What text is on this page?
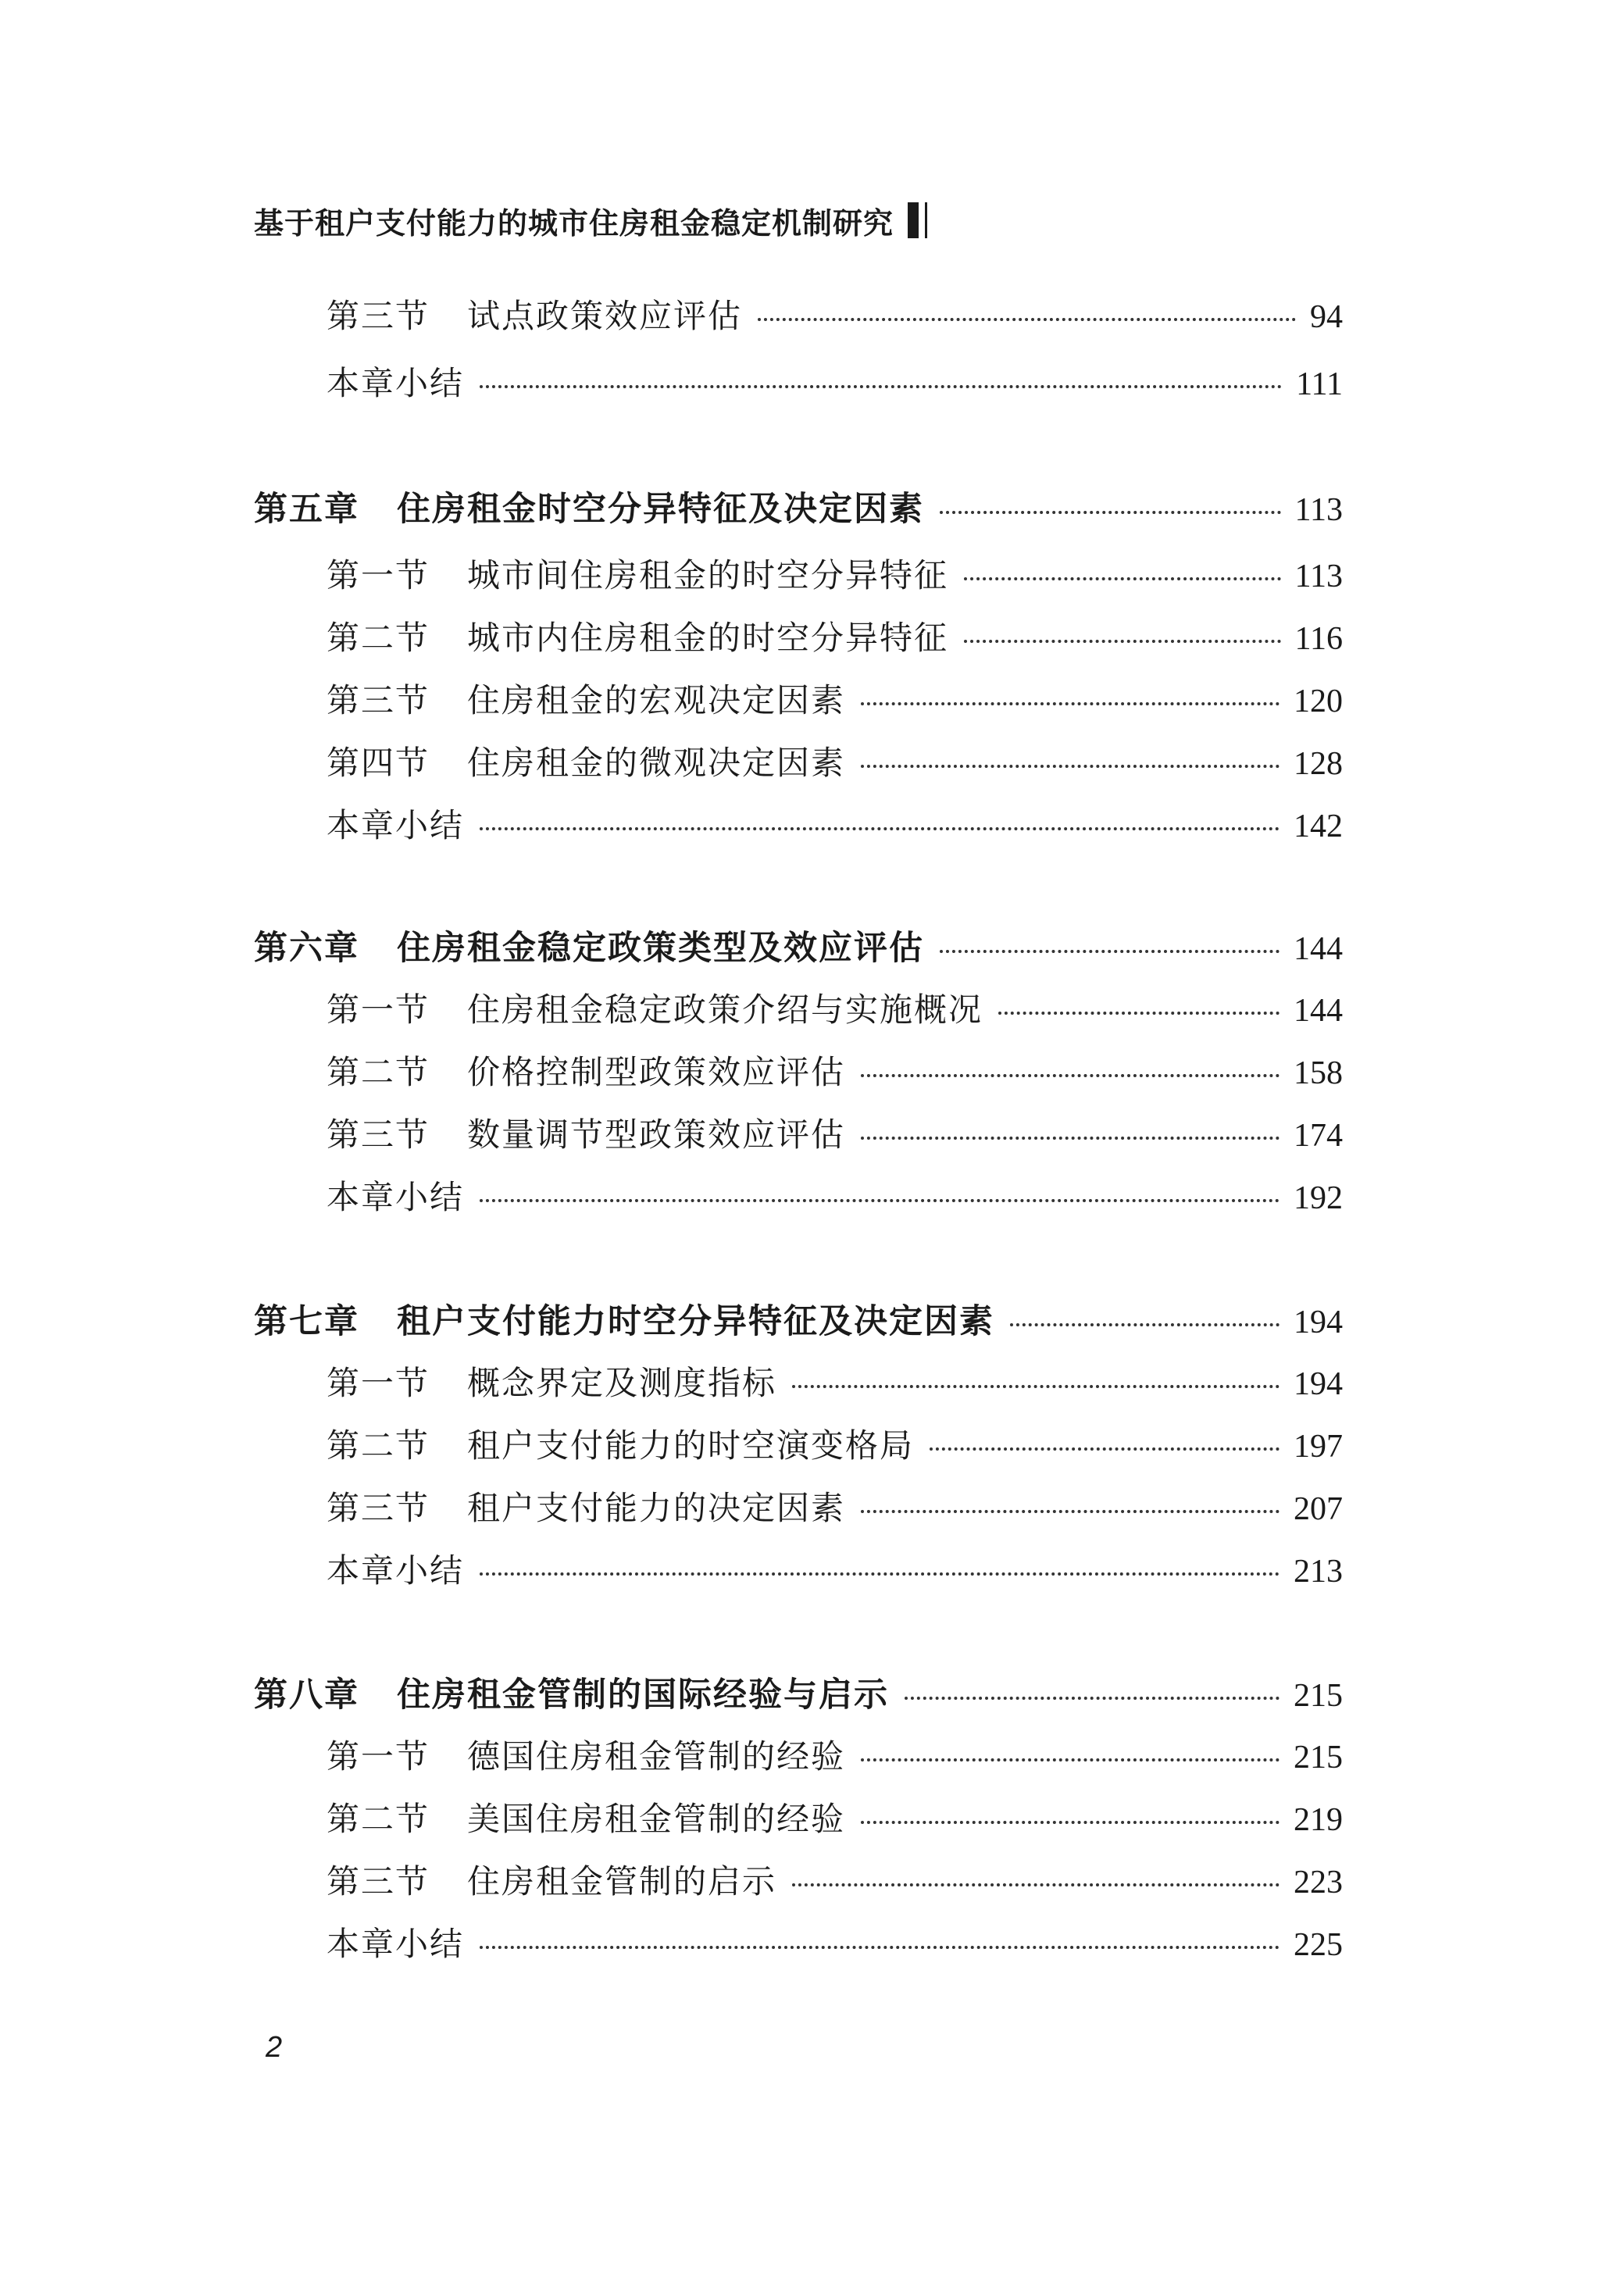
基于租户支付能力的城市住房租金稳定机制研究
第三节 试点政策效应评估	94
本章小结	111
第五章 住房租金时空分异特征及决定因素	113
第一节 城市间住房租金的时空分异特征	113
第二节 城市内住房租金的时空分异特征	116
第三节 住房租金的宏观决定因素	120
第四节 住房租金的微观决定因素	128
本章小结	142
第六章 住房租金稳定政策类型及效应评估	144
第一节 住房租金稳定政策介绍与实施概况	144
第二节 价格控制型政策效应评估	158
第三节 数量调节型政策效应评估	174
本章小结	192
第七章 租户支付能力时空分异特征及决定因素	194
第一节 概念界定及测度指标	194
第二节 租户支付能力的时空演变格局	197
第三节 租户支付能力的决定因素	207
本章小结	213
第八章 住房租金管制的国际经验与启示	215
第一节 德国住房租金管制的经验	215
第二节 美国住房租金管制的经验	219
第三节 住房租金管制的启示	223
本章小结	225
2
